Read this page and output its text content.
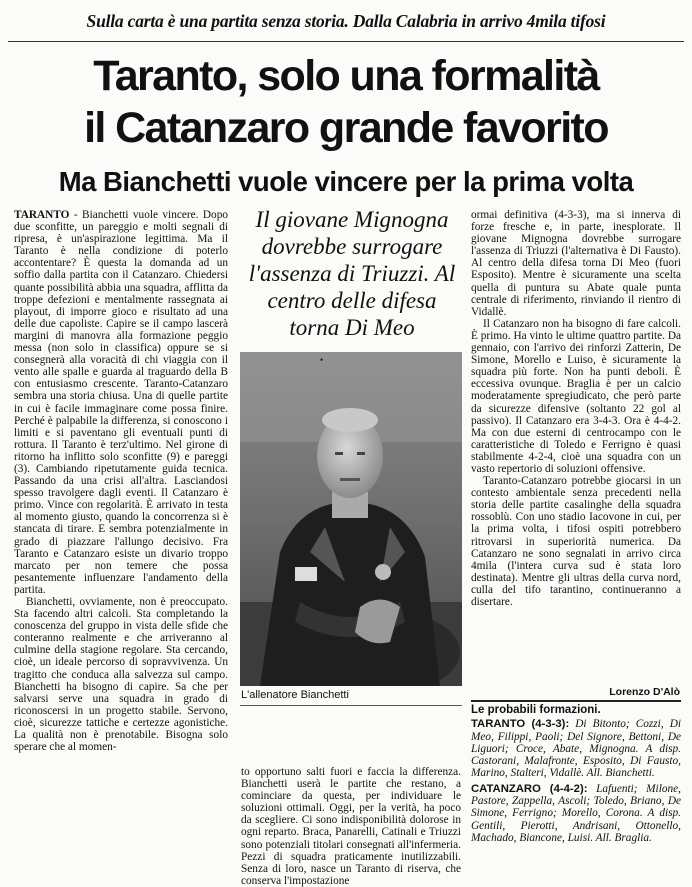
Sulla carta è una partita senza storia. Dalla Calabria in arrivo 4mila tifosi
Taranto, solo una formalità
il Catanzaro grande favorito
Ma Bianchetti vuole vincere per la prima volta

TARANTO - Bianchetti vuole vincere. Dopo due sconfitte, un pareggio e molti segnali di ripresa, è un'aspirazione legittima. Ma il Taranto è nella condizione di poterlo accontentare? È questa la domanda ad un soffio dalla partita con il Catanzaro. Chiedersi quante possibilità abbia una squadra, afflitta da troppe defezioni e mentalmente rassegnata ai playout, di imporre gioco e risultato ad una delle due capoliste. Capire se il campo lascerà margini di manovra alla formazione peggio messa (non solo in classifica) oppure se si consegnerà alla voracità di chi viaggia con il vento alle spalle e guarda al traguardo della B con entusiasmo crescente. Taranto-Catanzaro sembra una storia chiusa. Una di quelle partite in cui è facile immaginare come possa finire. Perché è palpabile la differenza, si conoscono i limiti e si paventano gli eventuali punti di rottura. Il Taranto è terz'ultimo. Nel girone di ritorno ha inflitto solo sconfitte (9) e pareggi (3). Cambiando ripetutamente guida tecnica. Passando da una crisi all'altra. Lasciandosi spesso travolgere dagli eventi. Il Catanzaro è primo. Vince con regolarità. È arrivato in testa al momento giusto, quando la concorrenza si è stancata di tirare. E sembra potenzialmente in grado di piazzare l'allungo decisivo. Fra Taranto e Catanzaro esiste un divario troppo marcato per non temere che possa pesantemente influenzare l'andamento della partita.

Bianchetti, ovviamente, non è preoccupato. Sta facendo altri calcoli. Sta completando la conoscenza del gruppo in vista delle sfide che conteranno realmente e che arriveranno al culmine della stagione regolare. Sta cercando, cioè, un ideale percorso di sopravvivenza. Un tragitto che conduca alla salvezza sul campo. Bianchetti ha bisogno di capire. Sa che per salvarsi serve una squadra in grado di riconoscersi in un progetto stabile. Servono, cioè, sicurezze tattiche e certezze agonistiche. La qualità non è prenotabile. Bisogna solo sperare che al momen-

Il giovane Mignogna dovrebbe surrogare l'assenza di Triuzzi. Al centro delle difesa torna Di Meo

•

L'allenatore Bianchetti

to opportuno salti fuori e faccia la differenza. Bianchetti userà le partite che restano, a cominciare da questa, per individuare le soluzioni ottimali. Oggi, per la verità, ha poco da scegliere. Ci sono indisponibilità dolorose in ogni reparto. Braca, Panarelli, Catinali e Triuzzi sono potenziali titolari consegnati all'infermeria. Pezzi di squadra praticamente inutilizzabili. Senza di loro, nasce un Taranto di riserva, che conserva l'impostazione

ormai definitiva (4-3-3), ma si innerva di forze fresche e, in parte, inesplorate. Il giovane Mignogna dovrebbe surrogare l'assenza di Triuzzi (l'alternativa è Di Fausto). Al centro della difesa torna Di Meo (fuori Esposito). Mentre è sicuramente una scelta quella di puntura su Abate quale punta centrale di riferimento, rinviando il rientro di Vidallè.

Il Catanzaro non ha bisogno di fare calcoli. È primo. Ha vinto le ultime quattro partite. Da gennaio, con l'arrivo dei rinforzi Zatterin, De Simone, Morello e Luiso, è sicuramente la squadra più forte. Non ha punti deboli. È eccessiva ovunque. Braglia è per un calcio moderatamente spregiudicato, che però parte da sicurezze difensive (soltanto 22 gol al passivo). Il Catanzaro era 3-4-3. Ora è 4-4-2. Ma con due esterni di centrocampo con le caratteristiche di Toledo e Ferrigno è quasi stabilmente 4-2-4, cioè una squadra con un vasto repertorio di soluzioni offensive.

Taranto-Catanzaro potrebbe giocarsi in un contesto ambientale senza precedenti nella storia delle partite casalinghe della squadra rossoblù. Con uno stadio Iacovone in cui, per la prima volta, i tifosi ospiti potrebbero ritrovarsi in superiorità numerica. Da Catanzaro ne sono segnalati in arrivo circa 4mila (l'intera curva sud è stata loro destinata). Mentre gli ultras della curva nord, culla del tifo tarantino, continueranno a disertare.

Lorenzo D'Alò

Le probabili formazioni.

TARANTO (4-3-3): Di Bitonto; Cozzi, Di Meo, Filippi, Paoli; Del Signore, Bettoni, De Liguori; Croce, Abate, Mignogna. A disp. Castorani, Malafronte, Esposito, Di Fausto, Marino, Stalteri, Vidallè. All. Bianchetti.

CATANZARO (4-4-2): Lafuenti; Milone, Pastore, Zappella, Ascoli; Toledo, Briano, De Simone, Ferrigno; Morello, Corona. A disp. Gentili, Pierotti, Andrisani, Ottonello, Machado, Biancone, Luisi. All. Braglia.
